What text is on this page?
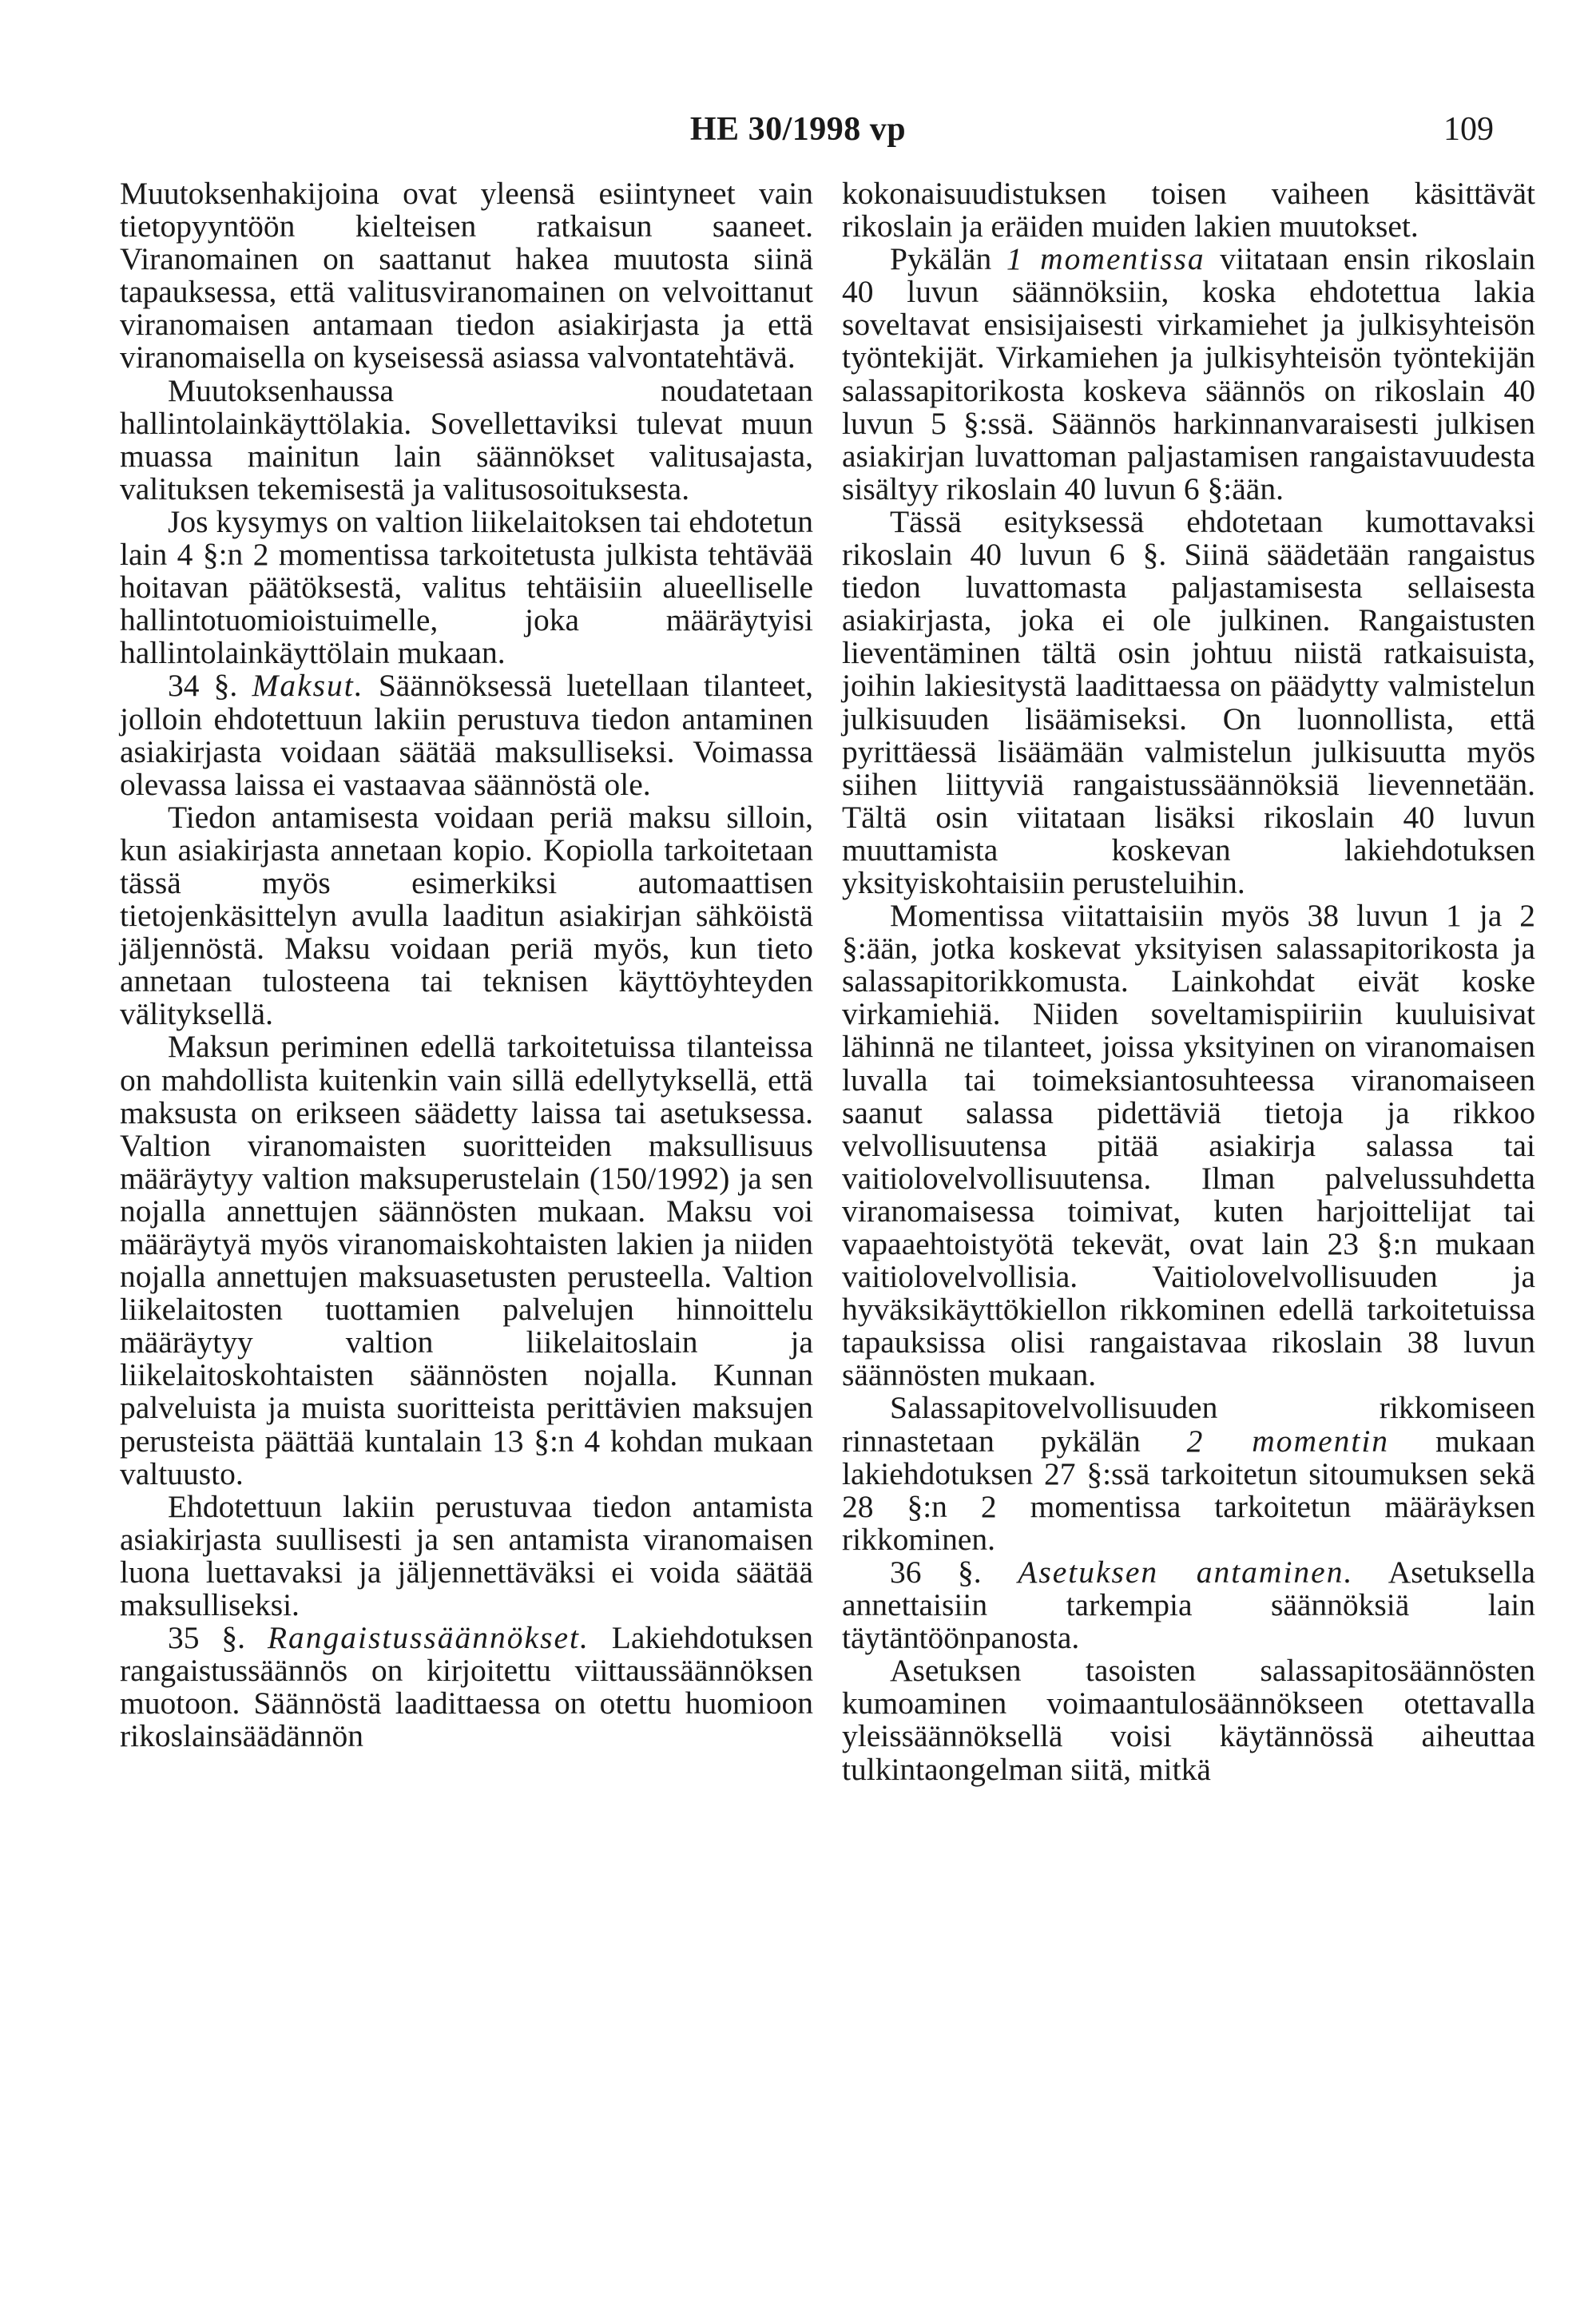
HE 30/1998 vp	109

Muutoksenhakijoina ovat yleensä esiintyneet vain tietopyyntöön kielteisen ratkaisun saaneet. Viranomainen on saattanut hakea muutosta siinä tapauksessa, että valitusviranomainen on velvoittanut viranomaisen antamaan tiedon asiakirjasta ja että viranomaisella on kyseisessä asiassa valvontatehtävä.

Muutoksenhaussa noudatetaan hallintolainkäyttölakia. Sovellettaviksi tulevat muun muassa mainitun lain säännökset valitusajasta, valituksen tekemisestä ja valitusosoituksesta.

Jos kysymys on valtion liikelaitoksen tai ehdotetun lain 4 §:n 2 momentissa tarkoitetusta julkista tehtävää hoitavan päätöksestä, valitus tehtäisiin alueelliselle hallintotuomioistuimelle, joka määräytyisi hallintolainkäyttölain mukaan.

34 §. Maksut. Säännöksessä luetellaan tilanteet, jolloin ehdotettuun lakiin perustuva tiedon antaminen asiakirjasta voidaan säätää maksulliseksi. Voimassa olevassa laissa ei vastaavaa säännöstä ole.

Tiedon antamisesta voidaan periä maksu silloin, kun asiakirjasta annetaan kopio. Kopiolla tarkoitetaan tässä myös esimerkiksi automaattisen tietojenkäsittelyn avulla laaditun asiakirjan sähköistä jäljennöstä. Maksu voidaan periä myös, kun tieto annetaan tulosteena tai teknisen käyttöyhteyden välityksellä.

Maksun periminen edellä tarkoitetuissa tilanteissa on mahdollista kuitenkin vain sillä edellytyksellä, että maksusta on erikseen säädetty laissa tai asetuksessa. Valtion viranomaisten suoritteiden maksullisuus määräytyy valtion maksuperustelain (150/1992) ja sen nojalla annettujen säännösten mukaan. Maksu voi määräytyä myös viranomaiskohtaisten lakien ja niiden nojalla annettujen maksuasetusten perusteella. Valtion liikelaitosten tuottamien palvelujen hinnoittelu määräytyy valtion liikelaitoslain ja liikelaitoskohtaisten säännösten nojalla. Kunnan palveluista ja muista suoritteista perittävien maksujen perusteista päättää kuntalain 13 §:n 4 kohdan mukaan valtuusto.

Ehdotettuun lakiin perustuvaa tiedon antamista asiakirjasta suullisesti ja sen antamista viranomaisen luona luettavaksi ja jäljennettäväksi ei voida säätää maksulliseksi.

35 §. Rangaistussäännökset. Lakiehdotuksen rangaistussäännös on kirjoitettu viittaussäännöksen muotoon. Säännöstä laadittaessa on otettu huomioon rikoslainsäädännön

kokonaisuudistuksen toisen vaiheen käsittävät rikoslain ja eräiden muiden lakien muutokset.

Pykälän 1 momentissa viitataan ensin rikoslain 40 luvun säännöksiin, koska ehdotettua lakia soveltavat ensisijaisesti virkamiehet ja julkisyhteisön työntekijät. Virkamiehen ja julkisyhteisön työntekijän salassapitorikosta koskeva säännös on rikoslain 40 luvun 5 §:ssä. Säännös harkinnanvaraisesti julkisen asiakirjan luvattoman paljastamisen rangaistavuudesta sisältyy rikoslain 40 luvun 6 §:ään.

Tässä esityksessä ehdotetaan kumottavaksi rikoslain 40 luvun 6 §. Siinä säädetään rangaistus tiedon luvattomasta paljastamisesta sellaisesta asiakirjasta, joka ei ole julkinen. Rangaistusten lieventäminen tältä osin johtuu niistä ratkaisuista, joihin lakiesitystä laadittaessa on päädytty valmistelun julkisuuden lisäämiseksi. On luonnollista, että pyrittäessä lisäämään valmistelun julkisuutta myös siihen liittyviä rangaistussäännöksiä lievennetään. Tältä osin viitataan lisäksi rikoslain 40 luvun muuttamista koskevan lakiehdotuksen yksityiskohtaisiin perusteluihin.

Momentissa viitattaisiin myös 38 luvun 1 ja 2 §:ään, jotka koskevat yksityisen salassapitorikosta ja salassapitorikkomusta. Lainkohdat eivät koske virkamiehiä. Niiden soveltamispiiriin kuuluisivat lähinnä ne tilanteet, joissa yksityinen on viranomaisen luvalla tai toimeksiantosuhteessa viranomaiseen saanut salassa pidettäviä tietoja ja rikkoo velvollisuutensa pitää asiakirja salassa tai vaitiolovelvollisuutensa. Ilman palvelussuhdetta viranomaisessa toimivat, kuten harjoittelijat tai vapaaehtoistyötä tekevät, ovat lain 23 §:n mukaan vaitiolovelvollisia. Vaitiolovelvollisuuden ja hyväksikäyttökiellon rikkominen edellä tarkoitetuissa tapauksissa olisi rangaistavaa rikoslain 38 luvun säännösten mukaan.

Salassapitovelvollisuuden rikkomiseen rinnastetaan pykälän 2 momentin mukaan lakiehdotuksen 27 §:ssä tarkoitetun sitoumuksen sekä 28 §:n 2 momentissa tarkoitetun määräyksen rikkominen.

36 §. Asetuksen antaminen. Asetuksella annettaisiin tarkempia säännöksiä lain täytäntöönpanosta.

Asetuksen tasoisten salassapitosäännösten kumoaminen voimaantulosäännökseen otettavalla yleissäännöksellä voisi käytännössä aiheuttaa tulkintaongelman siitä, mitkä
